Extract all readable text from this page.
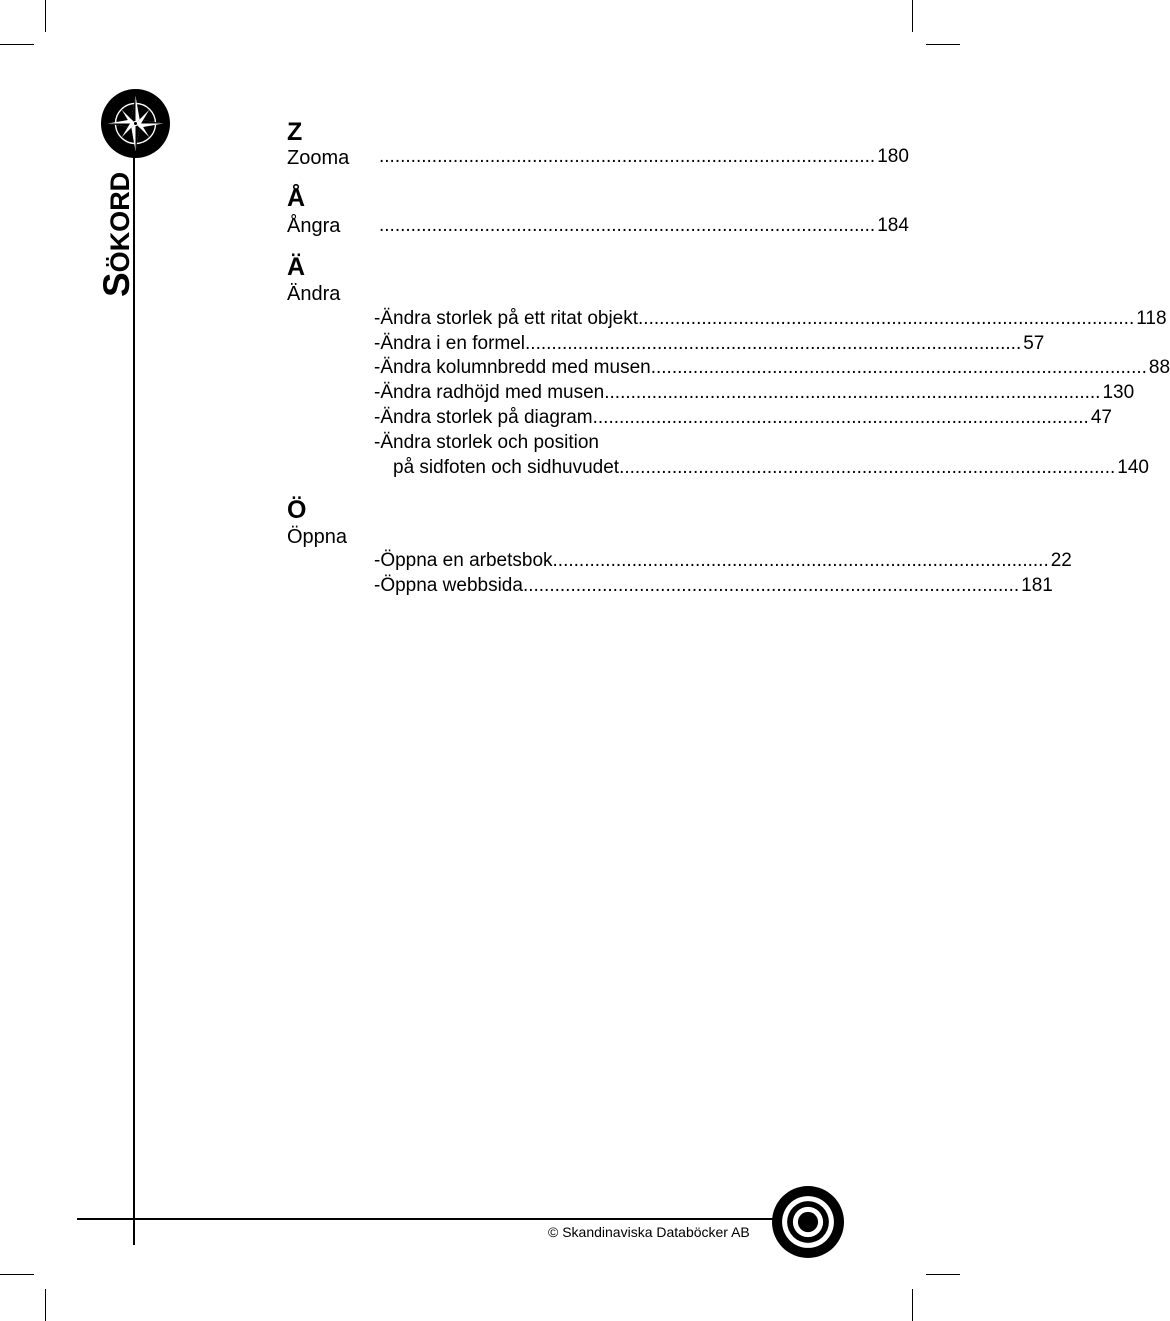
SÖKORD
Z
Zooma .............................................................................................. 180
Å
Ångra .............................................................................................. 184
Ä
Ändra
-Ändra storlek på ett ritat objekt .............................................................................................. 118
-Ändra i en formel .............................................................................................. 57
-Ändra kolumnbredd med musen .............................................................................................. 88
-Ändra radhöjd med musen .............................................................................................. 130
-Ändra storlek på diagram .............................................................................................. 47
-Ändra storlek och position
på sidfoten och sidhuvudet .............................................................................................. 140
Ö
Öppna
-Öppna en arbetsbok .............................................................................................. 22
-Öppna webbsida .............................................................................................. 181
© Skandinaviska Databöcker AB
